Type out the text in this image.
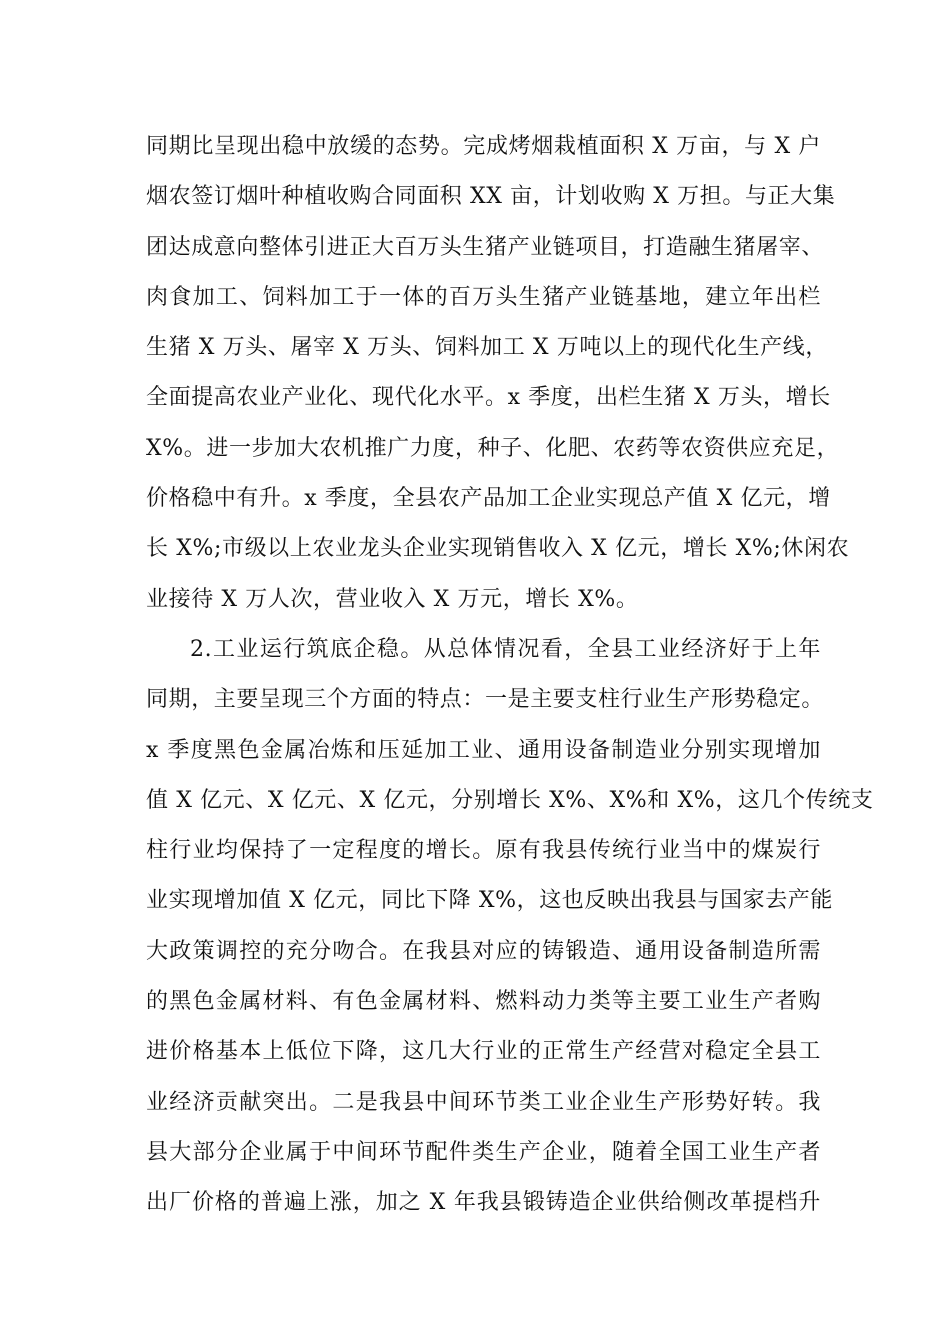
同期比呈现出稳中放缓的态势。完成烤烟栽植面积 X 万亩，与 X 户
烟农签订烟叶种植收购合同面积 XX 亩，计划收购 X 万担。与正大集
团达成意向整体引进正大百万头生猪产业链项目，打造融生猪屠宰、
肉食加工、饲料加工于一体的百万头生猪产业链基地，建立年出栏
生猪 X 万头、屠宰 X 万头、饲料加工 X 万吨以上的现代化生产线，
全面提高农业产业化、现代化水平。x 季度，出栏生猪 X 万头，增长
X%。进一步加大农机推广力度，种子、化肥、农药等农资供应充足，
价格稳中有升。x 季度，全县农产品加工企业实现总产值 X 亿元，增
长 X%;市级以上农业龙头企业实现销售收入 X 亿元，增长 X%;休闲农
业接待 X 万人次，营业收入 X 万元，增长 X%。
2.工业运行筑底企稳。从总体情况看，全县工业经济好于上年
同期，主要呈现三个方面的特点：一是主要支柱行业生产形势稳定。
x 季度黑色金属冶炼和压延加工业、通用设备制造业分别实现增加
值 X 亿元、X 亿元、X 亿元，分别增长 X%、X%和 X%，这几个传统支
柱行业均保持了一定程度的增长。原有我县传统行业当中的煤炭行
业实现增加值 X 亿元，同比下降 X%，这也反映出我县与国家去产能
大政策调控的充分吻合。在我县对应的铸锻造、通用设备制造所需
的黑色金属材料、有色金属材料、燃料动力类等主要工业生产者购
进价格基本上低位下降，这几大行业的正常生产经营对稳定全县工
业经济贡献突出。二是我县中间环节类工业企业生产形势好转。我
县大部分企业属于中间环节配件类生产企业，随着全国工业生产者
出厂价格的普遍上涨，加之 X 年我县锻铸造企业供给侧改革提档升
